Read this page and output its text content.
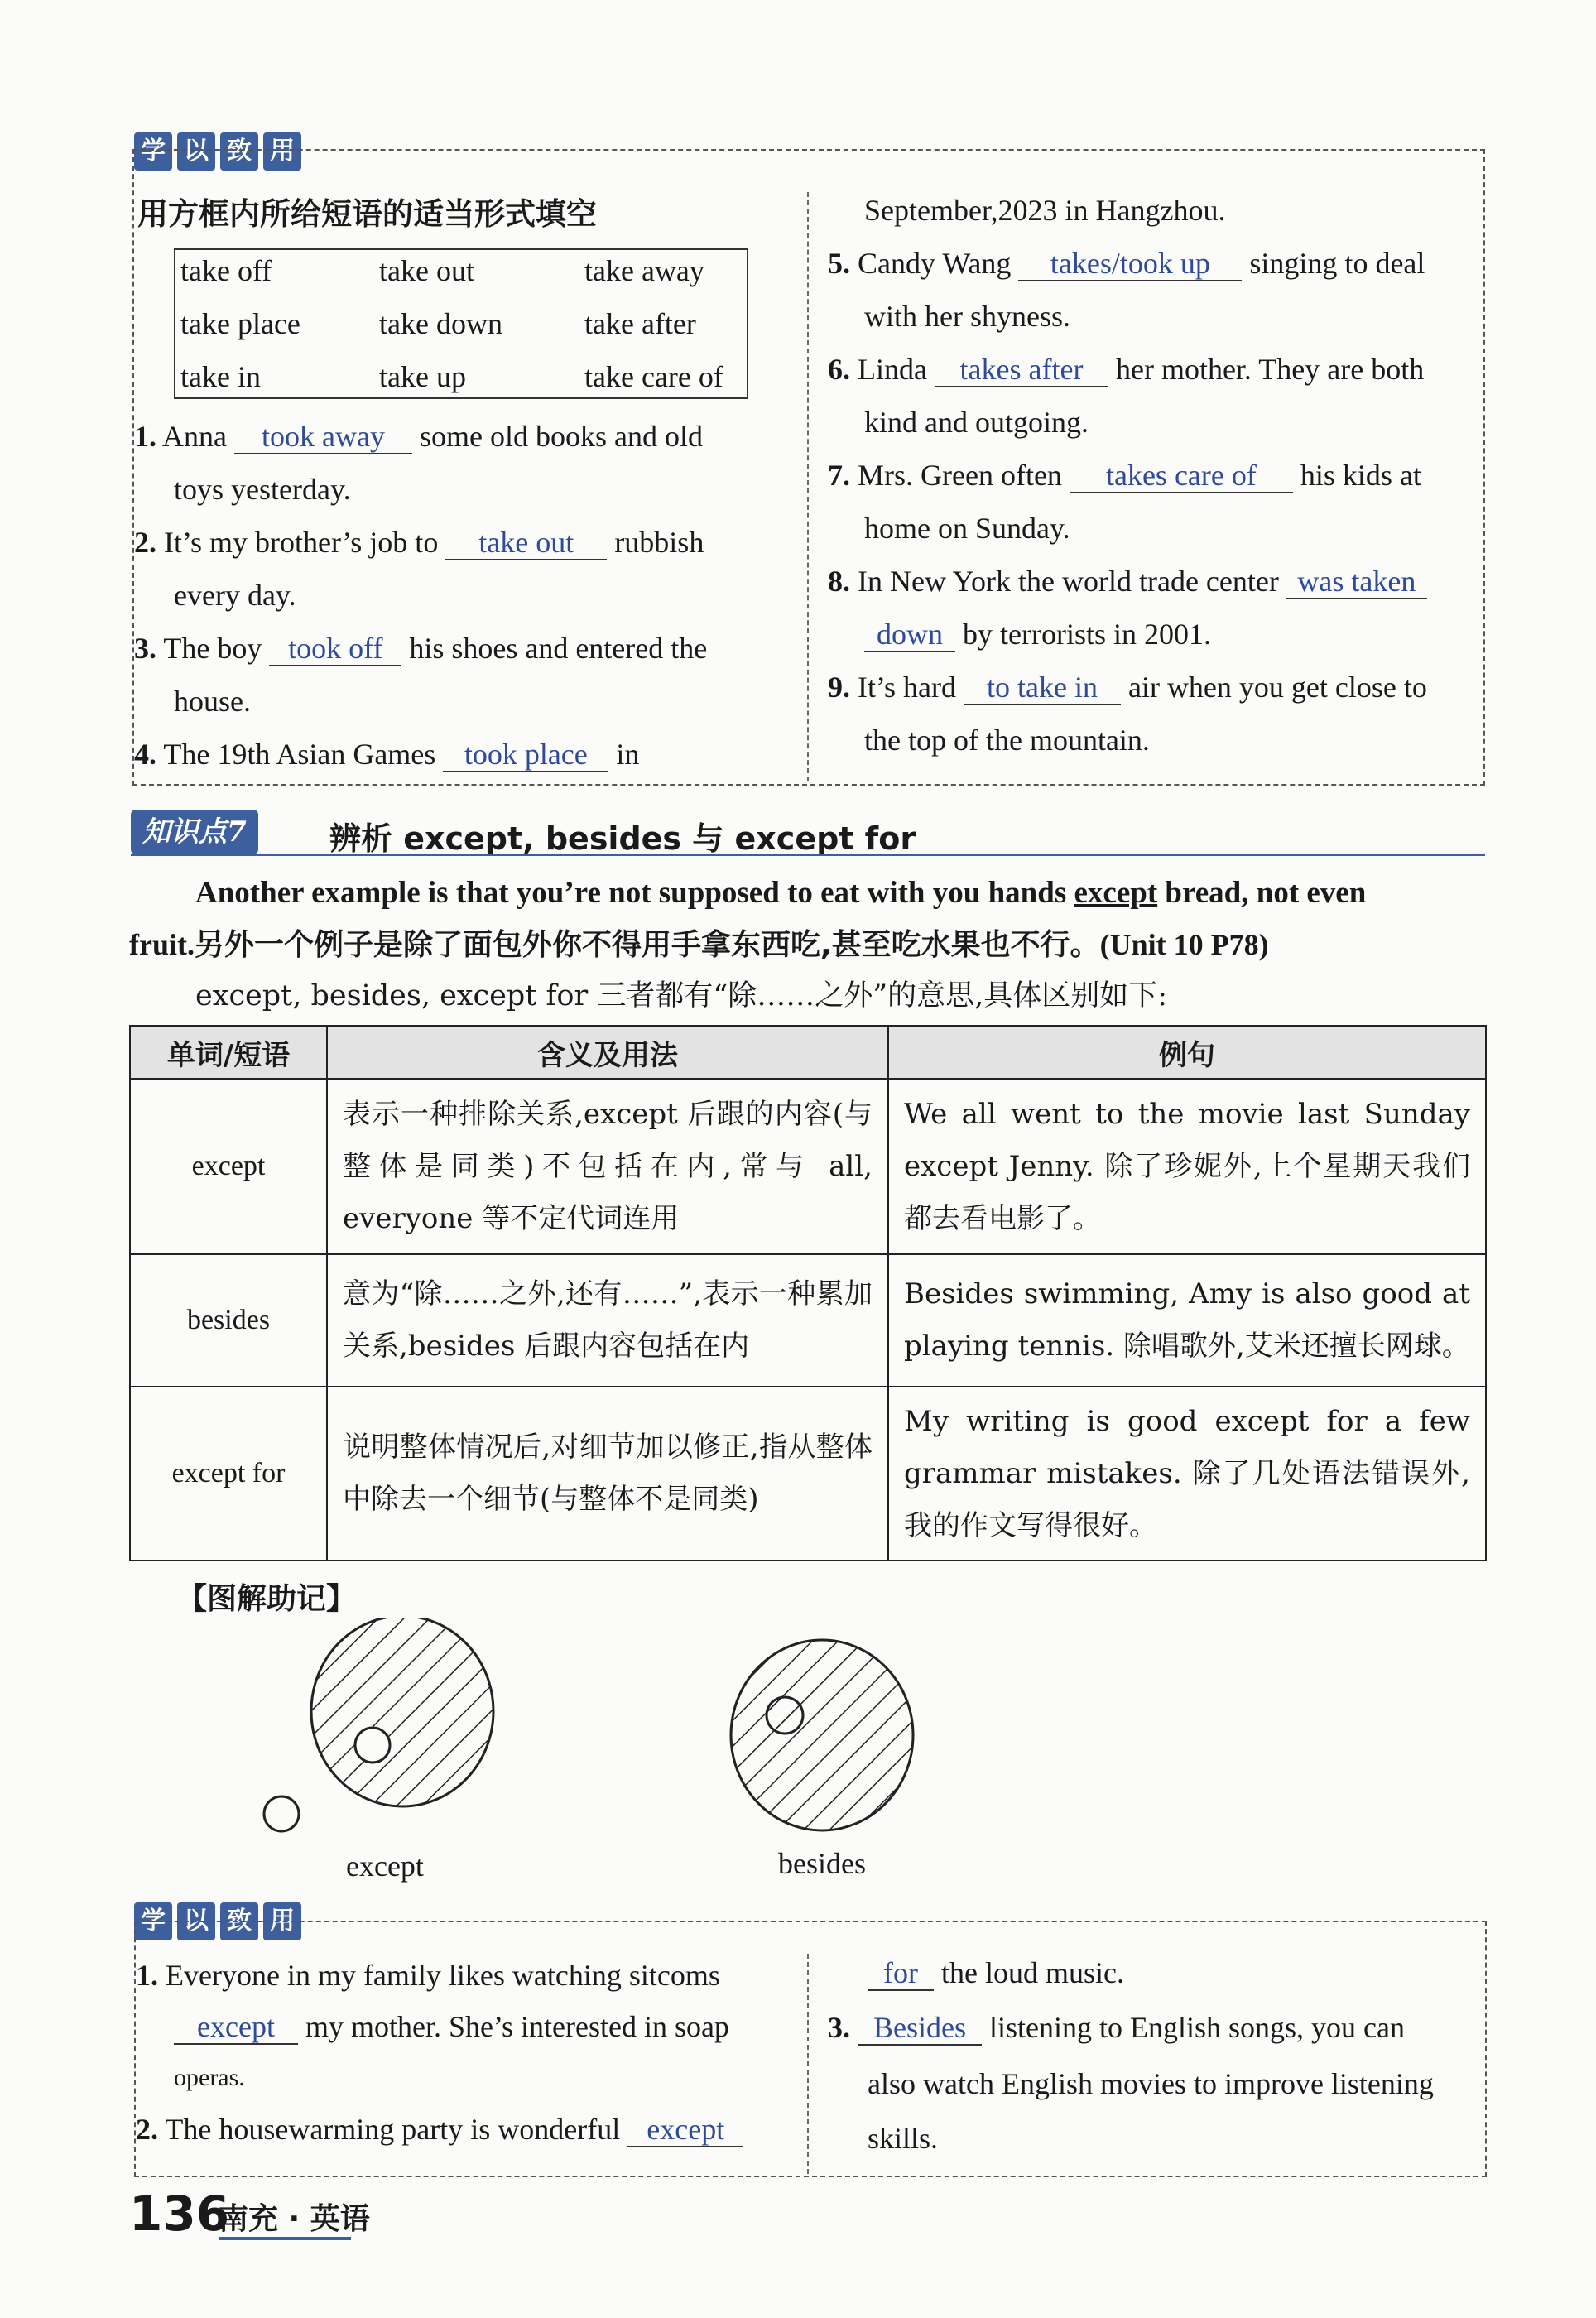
学 以 致 用
用方框内所给短语的适当形式填空
take off	take out	take away
take place	take down	take after
take in	take up	take care of
1. Anna took away some old books and old
toys yesterday.
2. It’s my brother’s job to take out rubbish
every day.
3. The boy took off his shoes and entered the
house.
4. The 19th Asian Games took place in
September,2023 in Hangzhou.
5. Candy Wang takes/took up singing to deal
with her shyness.
6. Linda takes after her mother. They are both
kind and outgoing.
7. Mrs. Green often takes care of his kids at
home on Sunday.
8. In New York the world trade center was taken
down by terrorists in 2001.
9. It’s hard to take in air when you get close to
the top of the mountain.
知识点7	辨析 except, besides 与 except for
Another example is that you’re not supposed to eat with you hands except bread, not even
fruit.另外一个例子是除了面包外你不得用手拿东西吃,甚至吃水果也不行。(Unit 10 P78)
except, besides, except for 三者都有“除……之外”的意思,具体区别如下:
单词/短语	含义及用法	例句
except	表示一种排除关系,except 后跟的内容(与整体是同类)不包括在内,常与 all, everyone 等不定代词连用	We all went to the movie last Sunday except Jenny. 除了珍妮外,上个星期天我们都去看电影了。

besides	意为“除……之外,还有……”,表示一种累加关系,besides 后跟内容包括在内	Besides swimming, Amy is also good at playing tennis. 除唱歌外,艾米还擅长网球。

except for	说明整体情况后,对细节加以修正,指从整体中除去一个细节(与整体不是同类)	My writing is good except for a few grammar mistakes. 除了几处语法错误外,我的作文写得很好。
【图解助记】
except	besides
学 以 致 用
1. Everyone in my family likes watching sitcoms
except my mother. She’s interested in soap
operas.
2. The housewarming party is wonderful except
for the loud music.
3. Besides listening to English songs, you can
also watch English movies to improve listening
skills.
136
南充 · 英语
